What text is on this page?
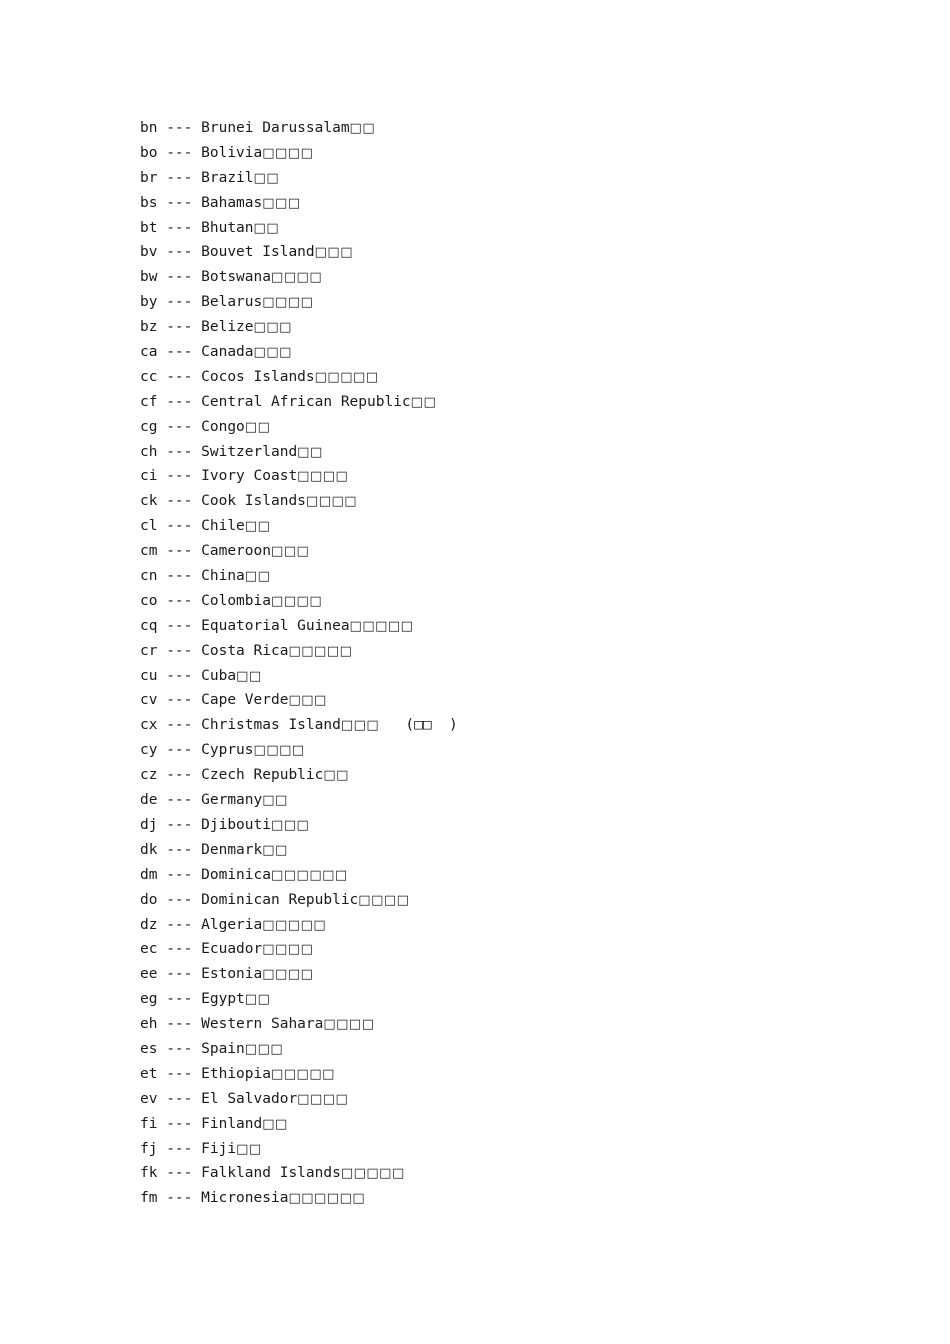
bn --- Brunei Darussalam□□
bo --- Bolivia□□□□
br --- Brazil□□
bs --- Bahamas□□□
bt --- Bhutan□□
bv --- Bouvet Island□□□
bw --- Botswana□□□□
by --- Belarus□□□□
bz --- Belize□□□
ca --- Canada□□□
cc --- Cocos Islands□□□□□
cf --- Central African Republic□□
cg --- Congo□□
ch --- Switzerland□□
ci --- Ivory Coast□□□□
ck --- Cook Islands□□□□
cl --- Chile□□
cm --- Cameroon□□□
cn --- China□□
co --- Colombia□□□□
cq --- Equatorial Guinea□□□□□
cr --- Costa Rica□□□□□
cu --- Cuba□□
cv --- Cape Verde□□□
cx --- Christmas Island□□□   (□□  )
cy --- Cyprus□□□□
cz --- Czech Republic□□
de --- Germany□□
dj --- Djibouti□□□
dk --- Denmark□□
dm --- Dominica□□□□□□
do --- Dominican Republic□□□□
dz --- Algeria□□□□□
ec --- Ecuador□□□□
ee --- Estonia□□□□
eg --- Egypt□□
eh --- Western Sahara□□□□
es --- Spain□□□
et --- Ethiopia□□□□□
ev --- El Salvador□□□□
fi --- Finland□□
fj --- Fiji□□
fk --- Falkland Islands□□□□□
fm --- Micronesia□□□□□□
